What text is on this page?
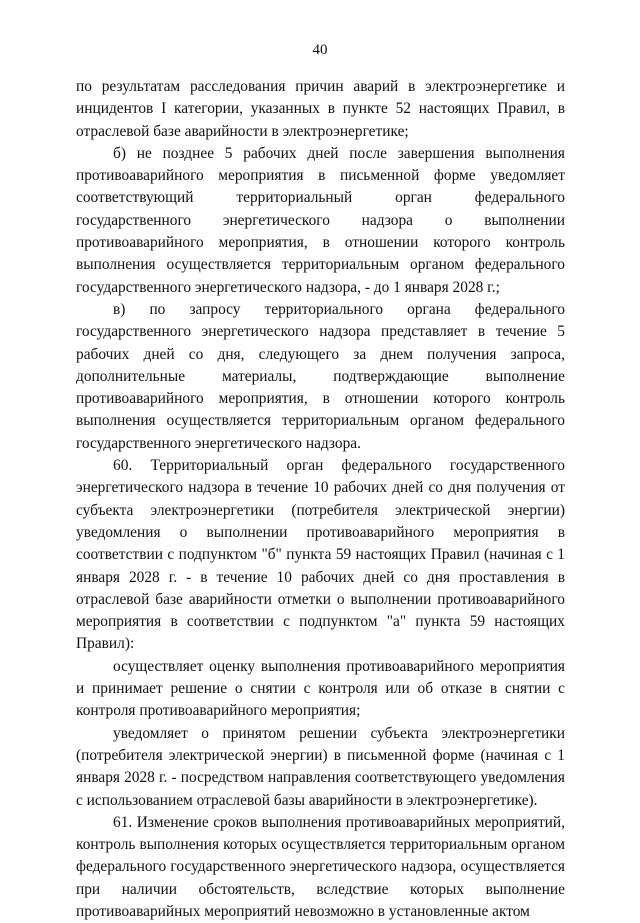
40

по результатам расследования причин аварий в электроэнергетике и инцидентов I категории, указанных в пункте 52 настоящих Правил, в отраслевой базе аварийности в электроэнергетике;

б) не позднее 5 рабочих дней после завершения выполнения противоаварийного мероприятия в письменной форме уведомляет соответствующий территориальный орган федерального государственного энергетического надзора о выполнении противоаварийного мероприятия, в отношении которого контроль выполнения осуществляется территориальным органом федерального государственного энергетического надзора, - до 1 января 2028 г.;

в) по запросу территориального органа федерального государственного энергетического надзора представляет в течение 5 рабочих дней со дня, следующего за днем получения запроса, дополнительные материалы, подтверждающие выполнение противоаварийного мероприятия, в отношении которого контроль выполнения осуществляется территориальным органом федерального государственного энергетического надзора.

60. Территориальный орган федерального государственного энергетического надзора в течение 10 рабочих дней со дня получения от субъекта электроэнергетики (потребителя электрической энергии) уведомления о выполнении противоаварийного мероприятия в соответствии с подпунктом "б" пункта 59 настоящих Правил (начиная с 1 января 2028 г. - в течение 10 рабочих дней со дня проставления в отраслевой базе аварийности отметки о выполнении противоаварийного мероприятия в соответствии с подпунктом "а" пункта 59 настоящих Правил):

осуществляет оценку выполнения противоаварийного мероприятия и принимает решение о снятии с контроля или об отказе в снятии с контроля противоаварийного мероприятия;

уведомляет о принятом решении субъекта электроэнергетики (потребителя электрической энергии) в письменной форме (начиная с 1 января 2028 г. - посредством направления соответствующего уведомления с использованием отраслевой базы аварийности в электроэнергетике).

61. Изменение сроков выполнения противоаварийных мероприятий, контроль выполнения которых осуществляется территориальным органом федерального государственного энергетического надзора, осуществляется при наличии обстоятельств, вследствие которых выполнение противоаварийных мероприятий невозможно в установленные актом
